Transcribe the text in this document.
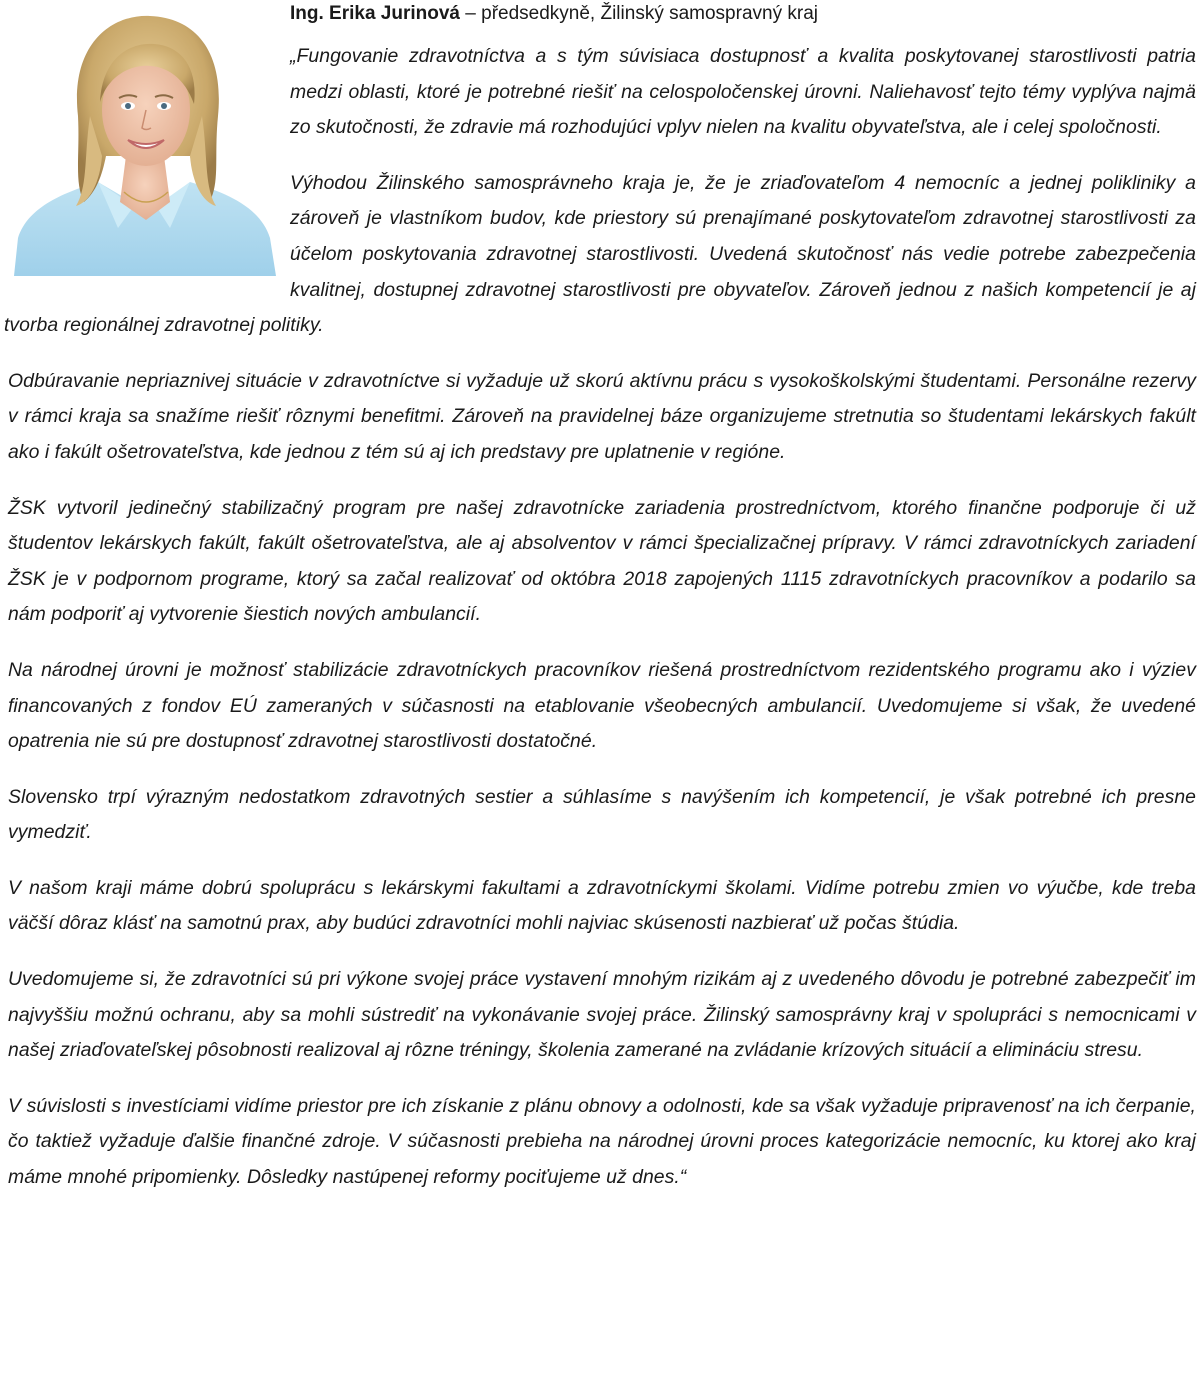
Ing. Erika Jurinová – předsedkyně, Žilinský samospravný kraj

„Fungovanie zdravotníctva a s tým súvisiaca dostupnosť a kvalita poskytovanej starostlivosti patria medzi oblasti, ktoré je potrebné riešiť na celospoločenskej úrovni. Naliehavosť tejto témy vyplýva najmä zo skutočnosti, že zdravie má rozhodujúci vplyv nielen na kvalitu obyvateľstva, ale i celej spoločnosti.

Výhodou Žilinského samosprávneho kraja je, že je zriaďovateľom 4 nemocníc a jednej polikliniky a zároveň je vlastníkom budov, kde priestory sú prenajímané poskytovateľom zdravotnej starostlivosti za účelom poskytovania zdravotnej starostlivosti. Uvedená skutočnosť nás vedie potrebe zabezpečenia kvalitnej, dostupnej zdravotnej starostlivosti pre obyvateľov. Zároveň jednou z našich kompetencií je aj tvorba regionálnej zdravotnej politiky.

Odbúravanie nepriaznivej situácie v zdravotníctve si vyžaduje už skorú aktívnu prácu s vysokoškolskými študentami. Personálne rezervy v rámci kraja sa snažíme riešiť rôznymi benefitmi. Zároveň na pravidelnej báze organizujeme stretnutia so študentami lekárskych fakúlt ako i fakúlt ošetrovateľstva, kde jednou z tém sú aj ich predstavy pre uplatnenie v regióne.

ŽSK vytvoril jedinečný stabilizačný program pre našej zdravotnícke zariadenia prostredníctvom, ktorého finančne podporuje či už študentov lekárskych fakúlt, fakúlt ošetrovateľstva, ale aj absolventov v rámci špecializačnej prípravy. V rámci zdravotníckych zariadení ŽSK je v podpornom programe, ktorý sa začal realizovať od októbra 2018 zapojených 1115 zdravotníckych pracovníkov a podarilo sa nám podporiť aj vytvorenie šiestich nových ambulancií.

Na národnej úrovni je možnosť stabilizácie zdravotníckych pracovníkov riešená prostredníctvom rezidentského programu ako i výziev financovaných z fondov EÚ zameraných v súčasnosti na etablovanie všeobecných ambulancií. Uvedomujeme si však, že uvedené opatrenia nie sú pre dostupnosť zdravotnej starostlivosti dostatočné.

Slovensko trpí výrazným nedostatkom zdravotných sestier a súhlasíme s navýšením ich kompetencií, je však potrebné ich presne vymedziť.

V našom kraji máme dobrú spoluprácu s lekárskymi fakultami a zdravotníckymi školami. Vidíme potrebu zmien vo výučbe, kde treba väčší dôraz klásť na samotnú prax, aby budúci zdravotníci mohli najviac skúsenosti nazbierať už počas štúdia.

Uvedomujeme si, že zdravotníci sú pri výkone svojej práce vystavení mnohým rizikám aj z uvedeného dôvodu je potrebné zabezpečiť im najvyššiu možnú ochranu, aby sa mohli sústrediť na vykonávanie svojej práce. Žilinský samosprávny kraj v spolupráci s nemocnicami v našej zriaďovateľskej pôsobnosti realizoval aj rôzne tréningy, školenia zamerané na zvládanie krízových situácií a elimináciu stresu.

V súvislosti s investíciami vidíme priestor pre ich získanie z plánu obnovy a odolnosti, kde sa však vyžaduje pripravenosť na ich čerpanie, čo taktiež vyžaduje ďalšie finančné zdroje. V súčasnosti prebieha na národnej úrovni proces kategorizácie nemocníc, ku ktorej ako kraj máme mnohé pripomienky. Dôsledky nastúpenej reformy pociťujeme už dnes.“
